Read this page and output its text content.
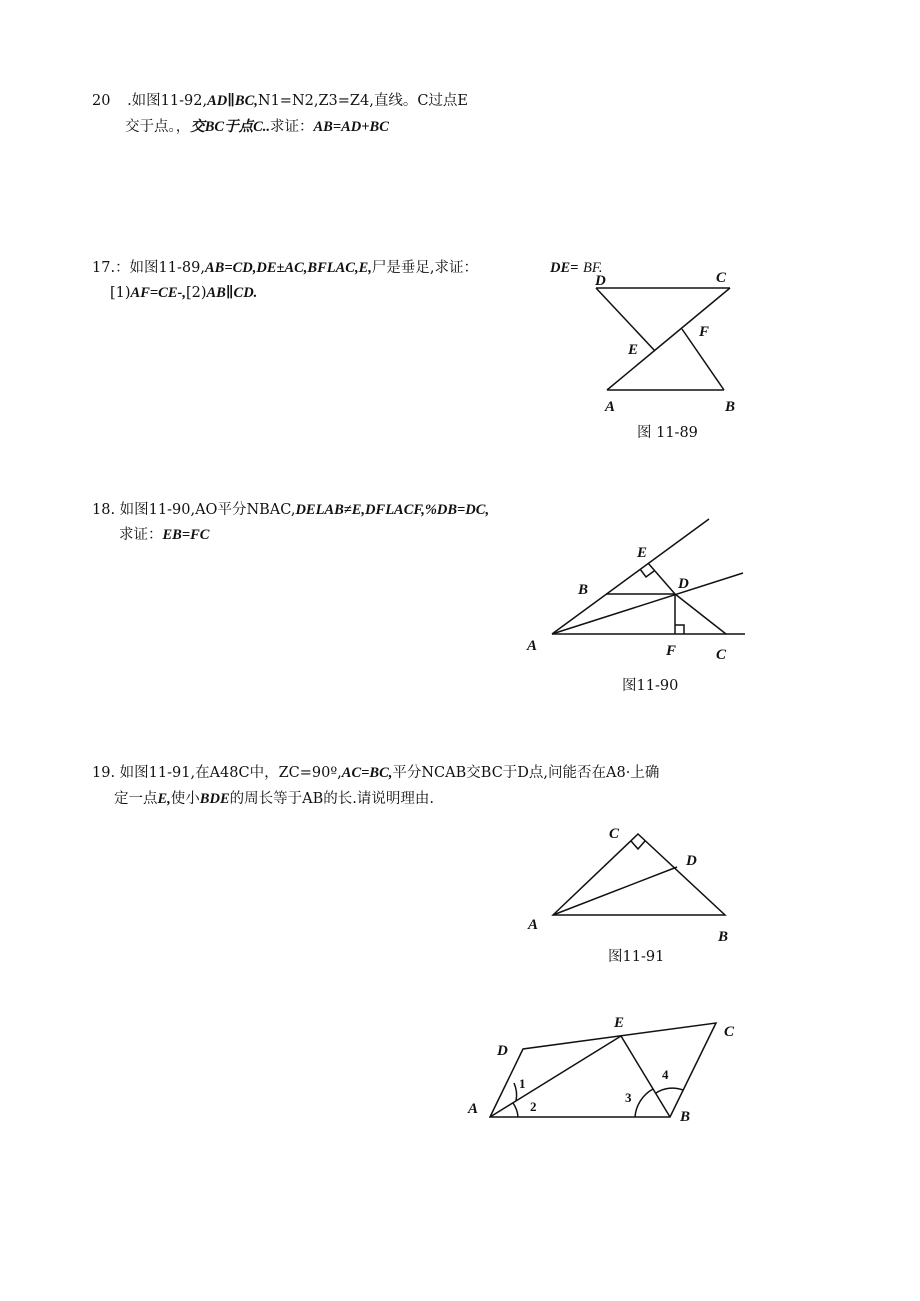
20 .如图11-92,AD∥BC,N1=N2,Z3=Z4,直线。C过点E
交于点。，交BC于点C..求证：AB=AD+BC
17.：如图11-89,AB=CD,DE±AC,BFLAC,E,尸是垂足,求证：
[1)AF=CE-,[2)AB∥CD.
DE= BF.
18. 如图11-90,AO平分NBAC,DELAB≠E,DFLACF,%DB=DC,
求证：EB=FC
19. 如图11-91,在A48C中，ZC=90º,AC=BC,平分NCAB交BC于D点,问能否在A8·上确
定一点E,使小BDE的周长等于AB的长.请说明理由.
D	C
E
F
A	B
图 11-89
E
B	D
A	F	C
图11-90
C
D
A
B
图11-91
E
C
D
A	B
1
2
3
4
